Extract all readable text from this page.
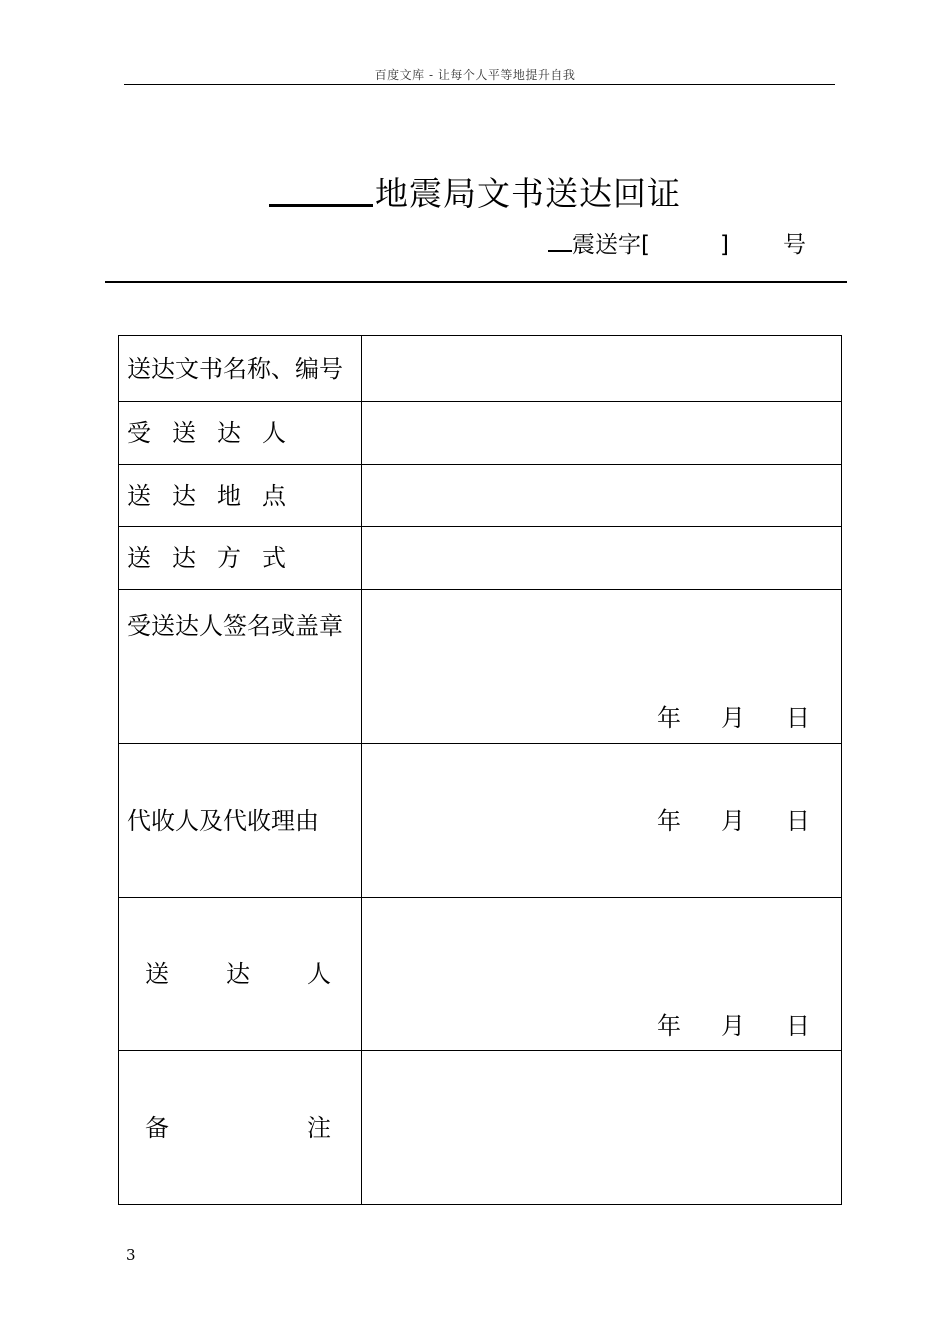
百度文库 - 让每个人平等地提升自我
地震局文书送达回证
震送字[	] 号
送达文书名称、编号	
受送达人	
送达地点	
送达方式	
受送达人签名或盖章	年 月 日

代收人及代收理由	年 月 日

送 达 人	年 月 日

备 注	

3
